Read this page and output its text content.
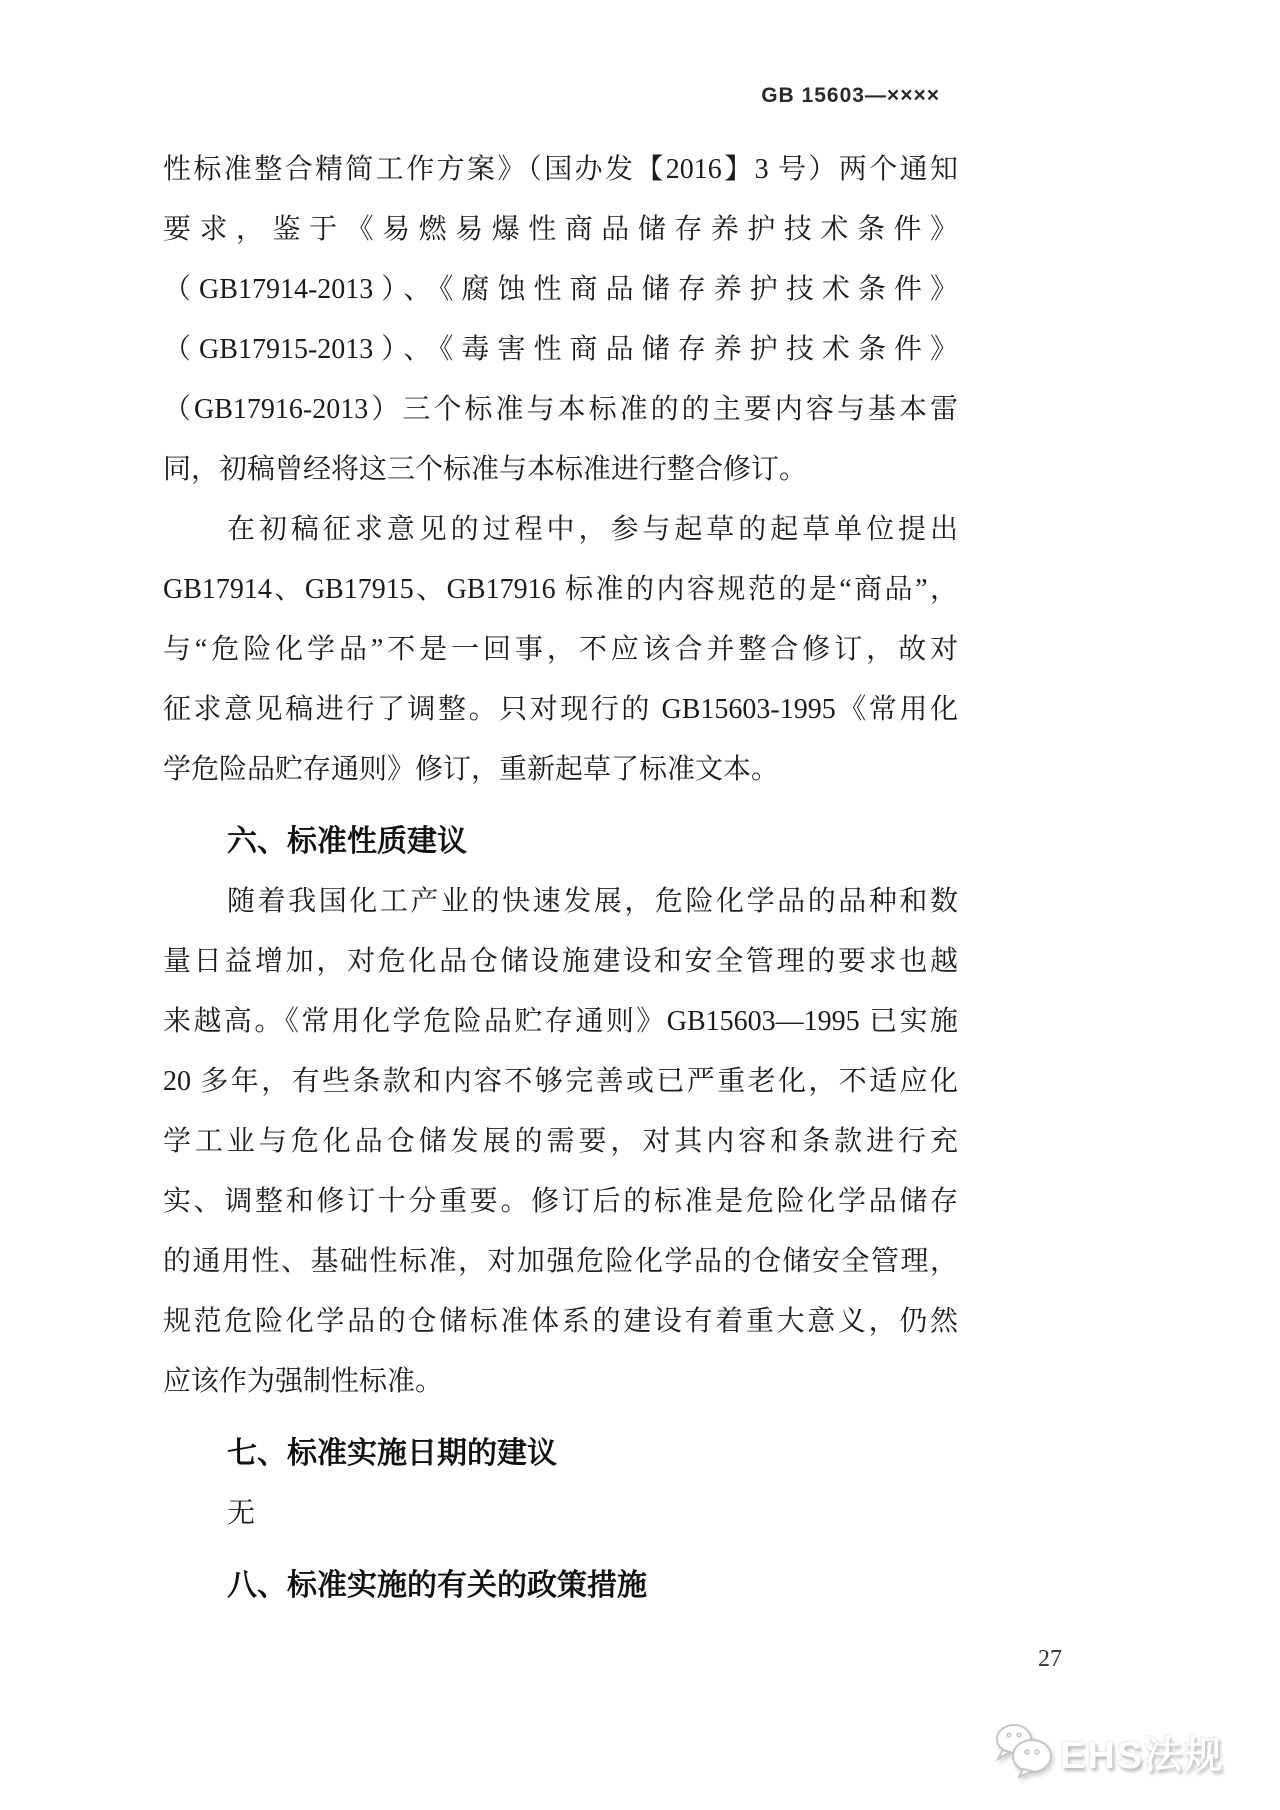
GB 15603—××××
性标准整合精简工作方案》（国办发【2016】3 号）两个通知
要求，鉴于《易燃易爆性商品储存养护技术条件》
（GB17914-2013）、《腐蚀性商品储存养护技术条件》
（GB17915-2013）、《毒害性商品储存养护技术条件》
（GB17916-2013）三个标准与本标准的的主要内容与基本雷
同，初稿曾经将这三个标准与本标准进行整合修订。
在初稿征求意见的过程中，参与起草的起草单位提出
GB17914、GB17915、GB17916 标准的内容规范的是“商品”，
与“危险化学品”不是一回事，不应该合并整合修订，故对
征求意见稿进行了调整。只对现行的 GB15603-1995《常用化
学危险品贮存通则》修订，重新起草了标准文本。
六、标准性质建议
随着我国化工产业的快速发展，危险化学品的品种和数
量日益增加，对危化品仓储设施建设和安全管理的要求也越
来越高。《常用化学危险品贮存通则》GB15603—1995 已实施
20 多年，有些条款和内容不够完善或已严重老化，不适应化
学工业与危化品仓储发展的需要，对其内容和条款进行充
实、调整和修订十分重要。修订后的标准是危险化学品储存
的通用性、基础性标准，对加强危险化学品的仓储安全管理，
规范危险化学品的仓储标准体系的建设有着重大意义，仍然
应该作为强制性标准。
七、标准实施日期的建议
无
八、标准实施的有关的政策措施
27
EHS法规
